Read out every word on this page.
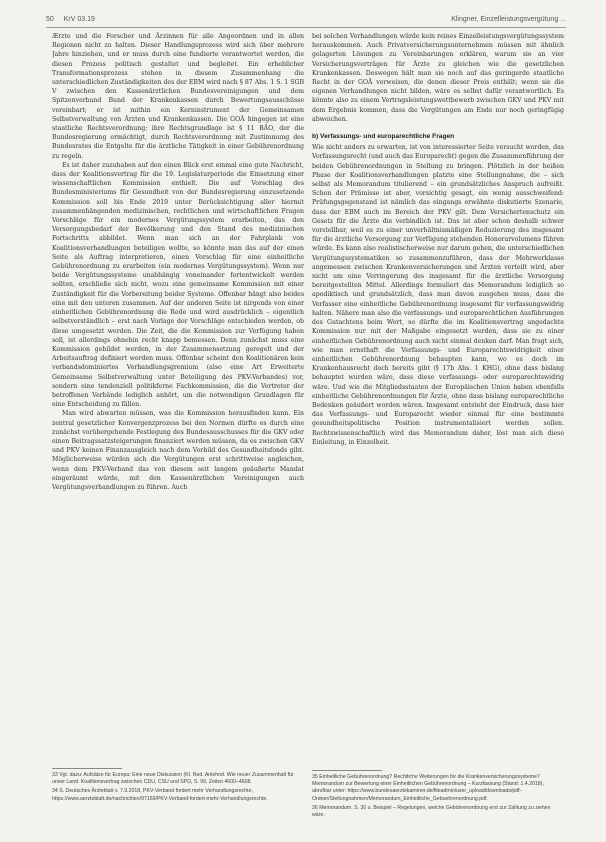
50 KrV 03.19	Klingner, Einzelleistungsvergütung ...

Ærzte und die Forscher und Ärzinnen für alle Angeordnen und in allen Regionen nicht zu halten. Dieser Handlungsprozess wird sich über mehrere Jahre hinziehen, und er muss durch eine fundierte verantwortet werden, die diesen Prozess politisch gestaltet und begleitet. Ein erheblicher Transformationsprozess stehen in diesem Zusammenhang die unterschiedlichen Zuständigkeiten des der EBM wird nach § 87 Abs. 1 S. 1 SGB V zwischen den Kassenärztlichen Bundesvereinigungen und dem Spitzenverband Bund der Krankenkassen durch Bewertungsausschüsse vereinbart; er ist mithin ein Kerninstrument der Gemeinsamen Selbstverwaltung von Ärzten und Krankenkassen. Die GOÄ hingegen ist eine staatliche Rechtsverordnung; ihre Rechtsgrundlage ist § 11 BÄO, der die Bundesregierung ermächtigt, durch Rechtsverordnung mit Zustimmung des Bundesrates die Entgelte für die ärztliche Tätigkeit in einer Gebührenordnung zu regeln.

Es ist daher zuzuhaben auf den einen Blick erst einmal eine gute Nachricht, dass der Koalitionsvertrag für die 19. Legislaturperiode die Einsetzung einer wissenschaftlichen Kommission enthielt. Die auf Vorschlag des Bundesministeriums für Gesundheit von der Bundesregierung einzusetzende Kommission soll bis Ende 2019 unter Berücksichtigung aller hiermit zusammenhängenden medizinischen, rechtlichen und wirtschaftlichen Fragen Vorschläge für ein modernes Vergütungssystem erarbeiten, das den Versorgungsbedarf der Bevölkerung und den Stand des medizinischen Fortschritts abbildet. Wenn man sich an der Fahrplank von Koalitionsverhandlungen beteiligen wollte, so könnte man das auf der einen Seite als Auftrag interpretieren, einen Vorschlag für eine einheitliche Gebührenordnung zu erarbeiten (ein modernes Vergütungssystem). Wenn nur beide Vergütungssysteme unabhängig voneinander fortentwickelt werden sollten, erschließe sich nicht, wozu eine gemeinsame Kommission mit einer Zuständigkeit für die Vorbereitung beider Systeme. Offenbar hängt also beides eine mit den unteren zusammen. Auf der anderen Seite ist nirgends von einer einheitlichen Gebührenordnung die Rede und wird ausdrücklich – eigentlich selbstverständlich – erst nach Vorlage der Vorschläge entschieden werden, ob diese umgesetzt werden. Die Zeit, die die Kommission zur Verfügung haben soll, ist allerdings ohnehin recht knapp bemessen. Denn zunächst muss eine Kommission gebildet werden, in der Zusammensetzung geregelt und der Arbeitsauftrag definiert werden muss. Offenbar scheint den Koalitionären kein verbandsdominiertes Verhandlungsgremium (also eine Art Erweiterte Gemeinsame Selbstverwaltung unter Beteiligung des PKV-Verbandes) vor, sondern eine tendenziell politikferne Fachkommission, die die Vertreter der betroffenen Verbände lediglich anhört, um die notwendigen Grundlagen für eine Entscheidung zu fällen.

Man wird abwarten müssen, was die Kommission herausfinden kann. Ein zentral gesetzlicher Konvergenzprozess bei den Normen dürfte es durch eine zunächst vorübergehende Festlegung des Bundesausschusses für die GKV oder einen Beitragssatzsteigerungen finanziert werden müssen, da es zwischen GKV und PKV keinen Finanzausgleich nach dem Vorbild des Gesundheitsfonds gibt. Möglicherweise würden sich die Vergütungen erst schrittweise angleichen, wenn dem PKV-Verband das von diesem seit langem geäußerte Mandat eingeräumt würde, mit den Kassenärztlichen Vereinigungen auch Vergütungsverhandlungen zu führen. Auch

bei solchen Verhandlungen würde kein reines Einzelleistungsvergütungssystem herauskommen. Auch Privatversicherungsunternehmen müssen mit ähnlich gelagerten Lösungen zu Vereinbarungen erklären, warum sie an vier Versicherungsverträgen für Ärzte zu gleichen wie die gesetzlichen Krankenkassen. Deswegen hält man sie noch auf das geringerde staatliche Recht in der GOÄ verweisen, die denen dieser Preis enthält; wenn sie die eigenen Verhandlungen nicht bilden, wäre es selbst dafür verantwortlich. Es könnte also zu einem Vertragsleistungswettbewerb zwischen GKV und PKV mit dem Ergebnis kommen, dass die Vergütungen am Ende nur noch geringfügig abweichen.

b) Verfassungs- und europarechtliche Fragen

Wie nicht anders zu erwarten, ist von interessierter Seite versucht worden, das Vorfassungsrecht (und auch das Europarecht) gegen die Zusammenführung der beiden Gebührenordnungen in Stellung zu bringen. Plötzlich in der heißen Phase der Koalitionsverhandlungen platzte eine Stellungnahme, die – sich selbst als Memorandum titulierend – ein grundsätzliches Anspruch aufreißt. Schon der Prämisse ist aber, vorsichtig gesagt, ein wenig ausschweifend: Prüfungsgegenstand ist nämlich das eingangs erwähnte diskutierte Szenario, dass der EBM auch im Bereich der PKV gilt. Dem Versichertenschutz ein Gesetz für die Ärzte die verbindlich ist. Das ist aber schon deshalb schwer vorstellbar, weil es zu einer unverhältnismäßigen Reduzierung des insgesamt für die ärztliche Versorgung zur Verfügung stehenden Honorarvolumens führen würde. Es kann also realistischerweise nur darum gehen, die unterschiedlichen Vergütungssystematiken so zusammenzuführen, dass der Mehrwerklasse angemessen zwischen Krankenversicherungen und Ärzten verteilt wird, aber nicht um eine Verringerung des insgesamt für die ärztliche Versorgung bereitgestellten Mittel. Allerdings formuliert das Memorandum lediglich so apodiktisch und grundsätzlich, dass man davon ausgehen muss, dass die Verfasser eine einheitliche Gebührenordnung insgesamt für verfassungswidrig halten. Nähere man also die verfassungs- und europarechtlichen Ausführungen des Gutachtens beim Wort, so dürfte die im Koalitionsvertrag angedachte Kommission nur mit der Maßgabe eingesetzt werden, dass sie zu einer einheitlichen Gebührenordnung auch nicht einmal denken darf. Man fragt sich, wie man ernsthaft die Verfassungs- und Europarechtswidrigkeit einer einheitlichen Gebührenordnung behaupten kann, wo es doch im Krankenhausrecht doch bereits gibt (§ 17b Abs. 1 KHG), ohne dass bislang behauptet wurden wäre, dass diese verfassungs- oder europarechtswidrig wäre. Und wie die Mitgliedsstaaten der Europäischen Union haben ebenfalls einheitliche Gebührenordnungen für Ärzte, ohne dass bislang europarechtliche Bedenken geäußert worden wären. Insgesamt entsteht der Eindruck, dass hier das Verfassungs- und Europarecht wieder einmal für eine bestimmte gesundheitspolitische Position instrumentalisiert werden sollen. Rechtswissenschaftlich wird das Memorandum daher, löst man sich diese Einleitung, in Einzelheit.

33 Vgl. dazu: Aufsätze für Europa: Eine neue Diskussion (Kl. Red. Anlehnd. Wie neuer Zusammenhalt für unser Land. Koalitionsvertrag zwischen CDU, CSU und SPD, S. 99, Zeilen 4600–4608.
34 S. Deutsches Ärzteblatt v. 7.9.2018, PKV-Verband fordert mehr Verhandlungsrechte, https://www.aerzteblatt.de/nachrichten/97169/PKV-Verband-fordert-mehr-Verhandlungsrechte.
35 Einheitliche Gebührenordnung? Rechtliche Weiterungen für die Krankenversicherungssysteme? Memorandum zur Bewertung einer Einheitlichen Gebührenordnung – Kurzfassung (Stand: 1.4.2018), abrufbar unter: https://www.bundesaerztekammer.de/fileadmin/user_upload/downloads/pdf-Ordner/Stellungnahmen/Memorandum_Einheitliche_Gebuehrenordnung.pdf.
36 Memorandum, S. 30 u. Beispiel – Regelungen, welche Gebührenordnung erst zur Zahlung zu ziehen wäre.
